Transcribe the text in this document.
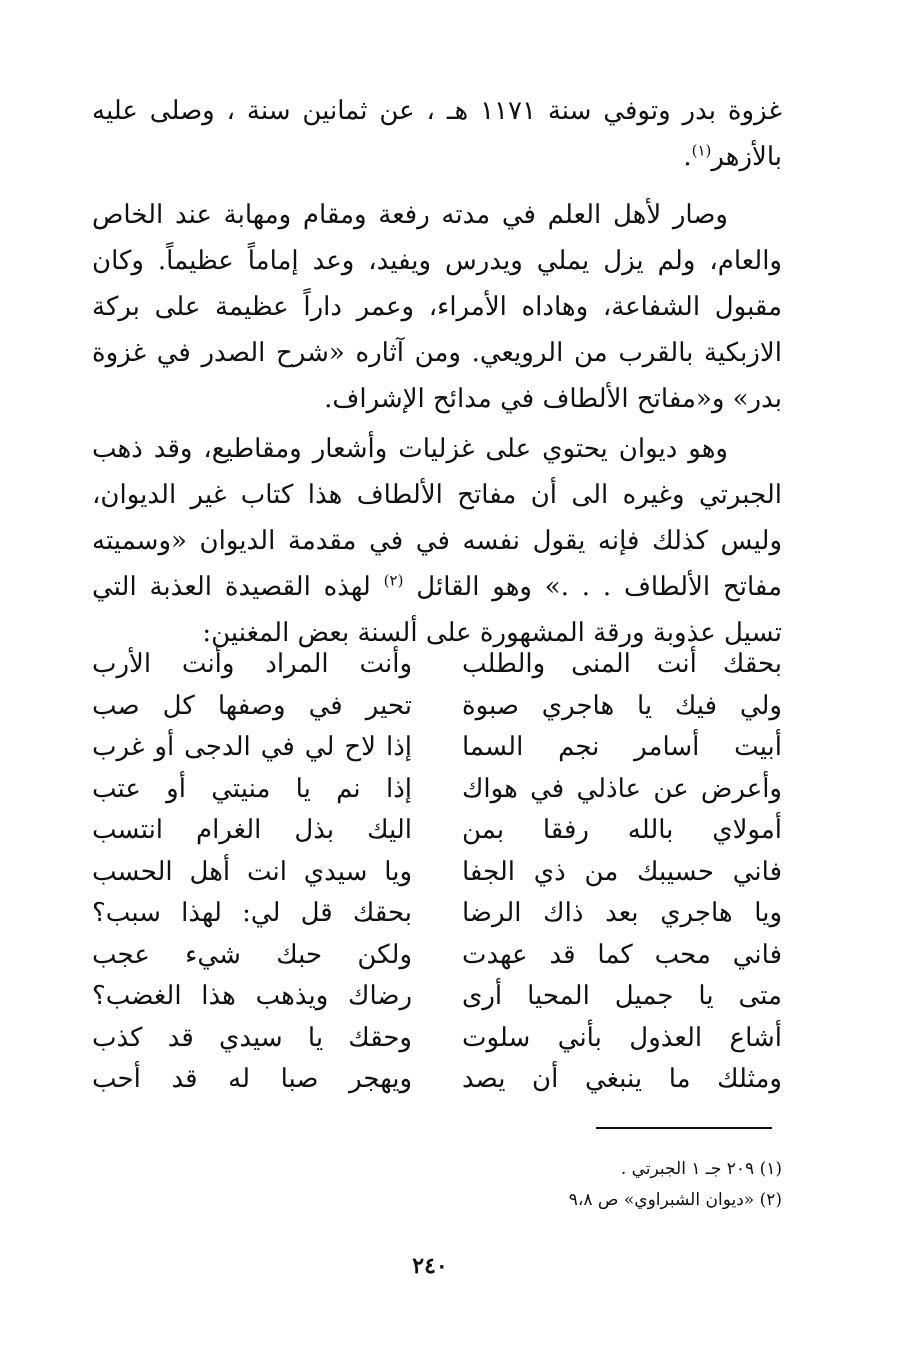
غزوة بدر وتوفي سنة ١١٧١ هـ ، عن ثمانين سنة ، وصلى عليه بالأزهر$^{(١)}$.

وصار لأهل العلم في مدته رفعة ومقام ومهابة عند الخاص والعام، ولم يزل يملي ويدرس ويفيد، وعد إماماً عظيماً. وكان مقبول الشفاعة، وهاداه الأمراء، وعمر داراً عظيمة على بركة الازبكية بالقرب من الرويعي. ومن آثاره «شرح الصدر في غزوة بدر» و«مفاتح الألطاف في مدائح الإشراف.

وهو ديوان يحتوي على غزليات وأشعار ومقاطيع، وقد ذهب الجبرتي وغيره الى أن مفاتح الألطاف هذا كتاب غير الديوان، وليس كذلك فإنه يقول نفسه في في مقدمة الديوان «وسميته مفاتح الألطاف . . .» وهو القائل $^{(٢)}$ لهذه القصيدة العذبة التي تسيل عذوبة ورقة المشهورة على ألسنة بعض المغنين:

بحقك أنت المنى والطلب
وأنت المراد وأنت الأرب
ولي فيك يا هاجري صبوة
تحير في وصفها كل صب
أبيت أسامر نجم السما
إذا لاح لي في الدجى أو غرب
وأعرض عن عاذلي في هواك
إذا نم يا منيتي أو عتب
أمولاي بالله رفقا بمن
اليك بذل الغرام انتسب
فاني حسيبك من ذي الجفا
ويا سيدي انت أهل الحسب
ويا هاجري بعد ذاك الرضا
بحقك قل لي: لهذا سبب؟
فاني محب كما قد عهدت
ولكن حبك شيء عجب
متى يا جميل المحيا أرى
رضاك ويذهب هذا الغضب؟
أشاع العذول بأني سلوت
وحقك يا سيدي قد كذب
ومثلك ما ينبغي أن يصد
ويهجر صبا له قد أحب
(١) ٢٠٩ جـ ١ الجبرتي .
(٢) «ديوان الشبراوي» ص ٩،٨
٢٤٠
